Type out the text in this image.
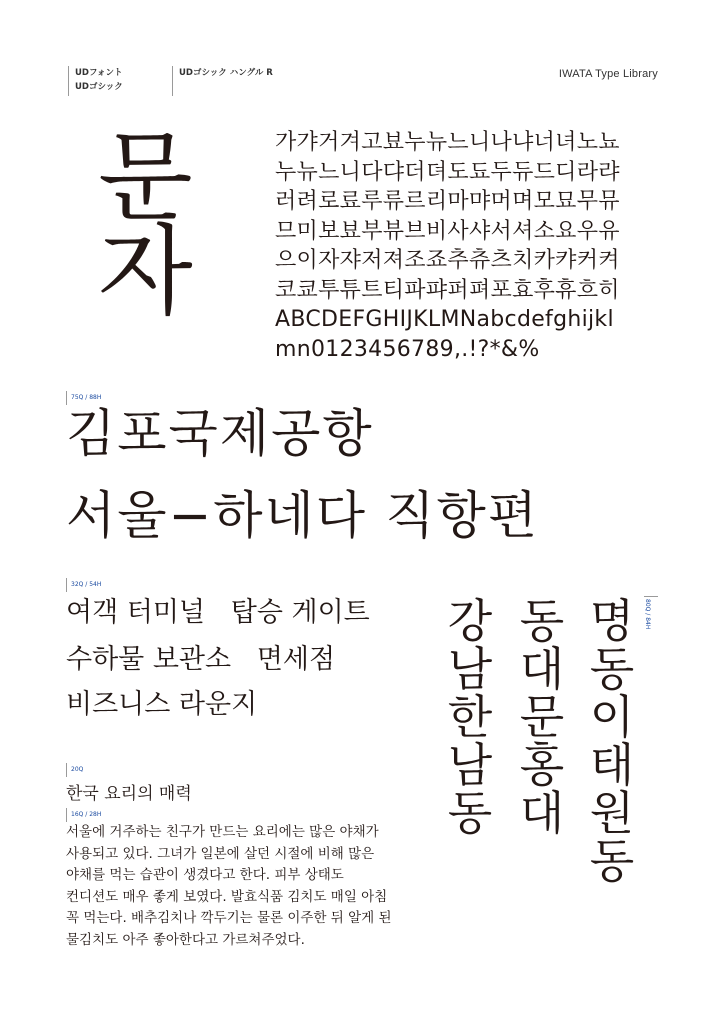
UDフォント
UDゴシック
UDゴシック ハングル R	IWATA Type Library
문
자
가갸거겨고뵤누뉴느니나냐너녀노뇨
누뉴느니다댜더뎌도됴두듀드디라랴
러려로료루류르리마먀머며모묘무뮤
므미보뵤부뷰브비사샤서셔소요우유
으이자쟈저져조죠추츄츠치카캬커켜
코쿄투튜트티파퍄퍼펴포효후휴흐히
ABCDEFGHIJKLMNabcdefghijkl
mn0123456789,.!?*&%
75Q / 88H
김포국제공항
서울−하네다 직항편
32Q / 54H
여객 터미널   탑승 게이트
수하물 보관소   면세점
비즈니스 라운지
20Q
한국 요리의 매력
16Q / 28H
서울에 거주하는 친구가 만드는 요리에는 많은 야채가
사용되고 있다. 그녀가 일본에 살던 시절에 비해 많은
야채를 먹는 습관이 생겼다고 한다. 피부 상태도
컨디션도 매우 좋게 보였다. 발효식품 김치도 매일 아침
꼭 먹는다. 배추김치나 깍두기는 물론 이주한 뒤 알게 된
물김치도 아주 좋아한다고 가르쳐주었다.
강
남
한
남
동
동
대
문
홍
대
명
동
이
태
원
동
80Q / 84H
